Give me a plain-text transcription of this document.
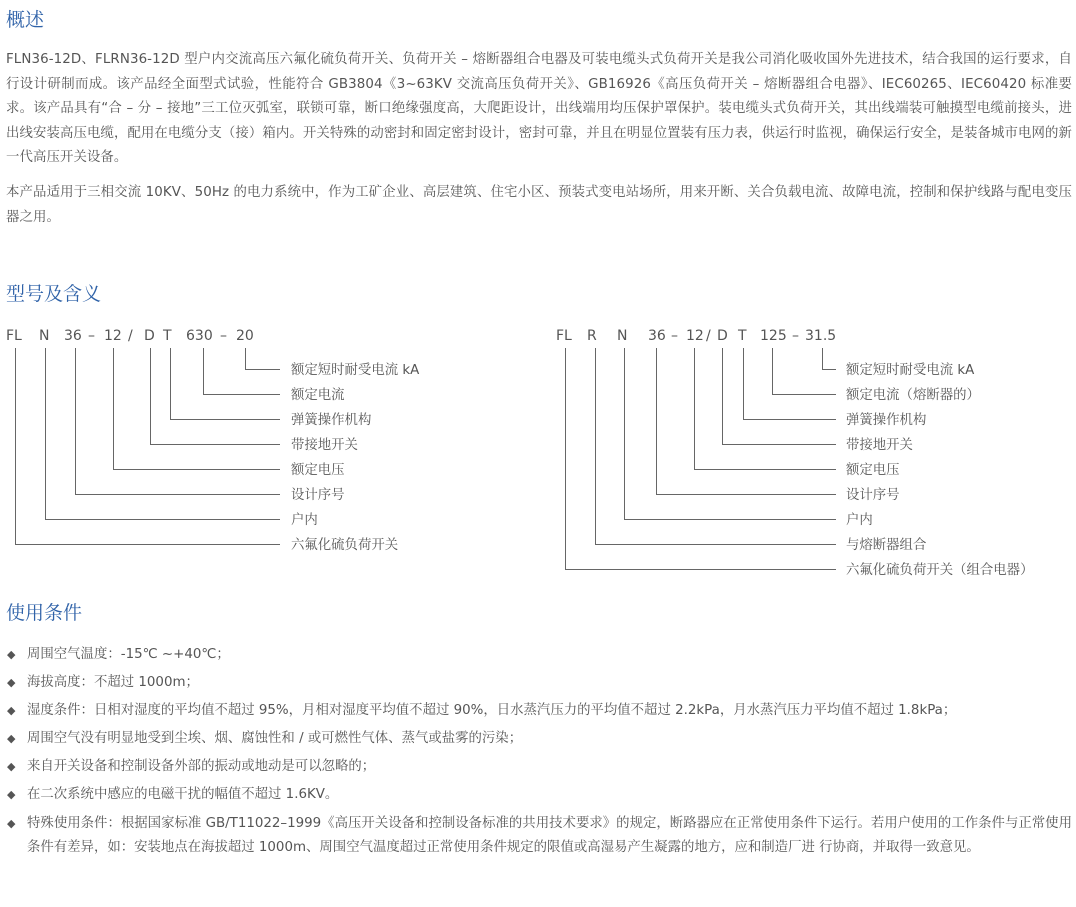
概述

FLN36-12D、FLRN36-12D 型户内交流高压六氟化硫负荷开关、负荷开关 – 熔断器组合电器及可装电缆头式负荷开关是我公司消化吸收国外先进技术，结合我国的运行要求，自行设计研制而成。该产品经全面型式试验，性能符合 GB3804《3~63KV 交流高压负荷开关》、GB16926《高压负荷开关 – 熔断器组合电器》、IEC60265、IEC60420 标准要求。该产品具有“合 – 分 – 接地”三工位灭弧室，联锁可靠，断口绝缘强度高，大爬距设计，出线端用均压保护罩保护。装电缆头式负荷开关，其出线端装可触摸型电缆前接头，进出线安装高压电缆，配用在电缆分支（接）箱内。开关特殊的动密封和固定密封设计，密封可靠，并且在明显位置装有压力表，供运行时监视，确保运行安全，是装备城市电网的新一代高压开关设备。

本产品适用于三相交流 10KV、50Hz 的电力系统中，作为工矿企业、高层建筑、住宅小区、预装式变电站场所，用来开断、关合负载电流、故障电流，控制和保护线路与配电变压器之用。

型号及含义
FL N 36 – 12 / D T 630 – 20
额定短时耐受电流 kA
额定电流
弹簧操作机构
带接地开关
额定电压
设计序号
户内
六氟化硫负荷开关
FL R N 36 – 12 / D T 125 – 31.5
额定短时耐受电流 kA
额定电流（熔断器的）
弹簧操作机构
带接地开关
额定电压
设计序号
户内
与熔断器组合
六氟化硫负荷开关（组合电器）
使用条件
◆ 周围空气温度：-15℃ ~+40℃；
◆ 海拔高度：不超过 1000m；
◆ 湿度条件：日相对湿度的平均值不超过 95%，月相对湿度平均值不超过 90%，日水蒸汽压力的平均值不超过 2.2kPa，月水蒸汽压力平均值不超过 1.8kPa；
◆ 周围空气没有明显地受到尘埃、烟、腐蚀性和 / 或可燃性气体、蒸气或盐雾的污染；
◆ 来自开关设备和控制设备外部的振动或地动是可以忽略的；
◆ 在二次系统中感应的电磁干扰的幅值不超过 1.6KV。
◆ 特殊使用条件：根据国家标准 GB/T11022–1999《高压开关设备和控制设备标准的共用技术要求》的规定，断路器应在正常使用条件下运行。若用户使用的工作条件与正常使用条件有差异，如：安装地点在海拔超过 1000m、周围空气温度超过正常使用条件规定的限值或高湿易产生凝露的地方，应和制造厂进 行协商，并取得一致意见。
